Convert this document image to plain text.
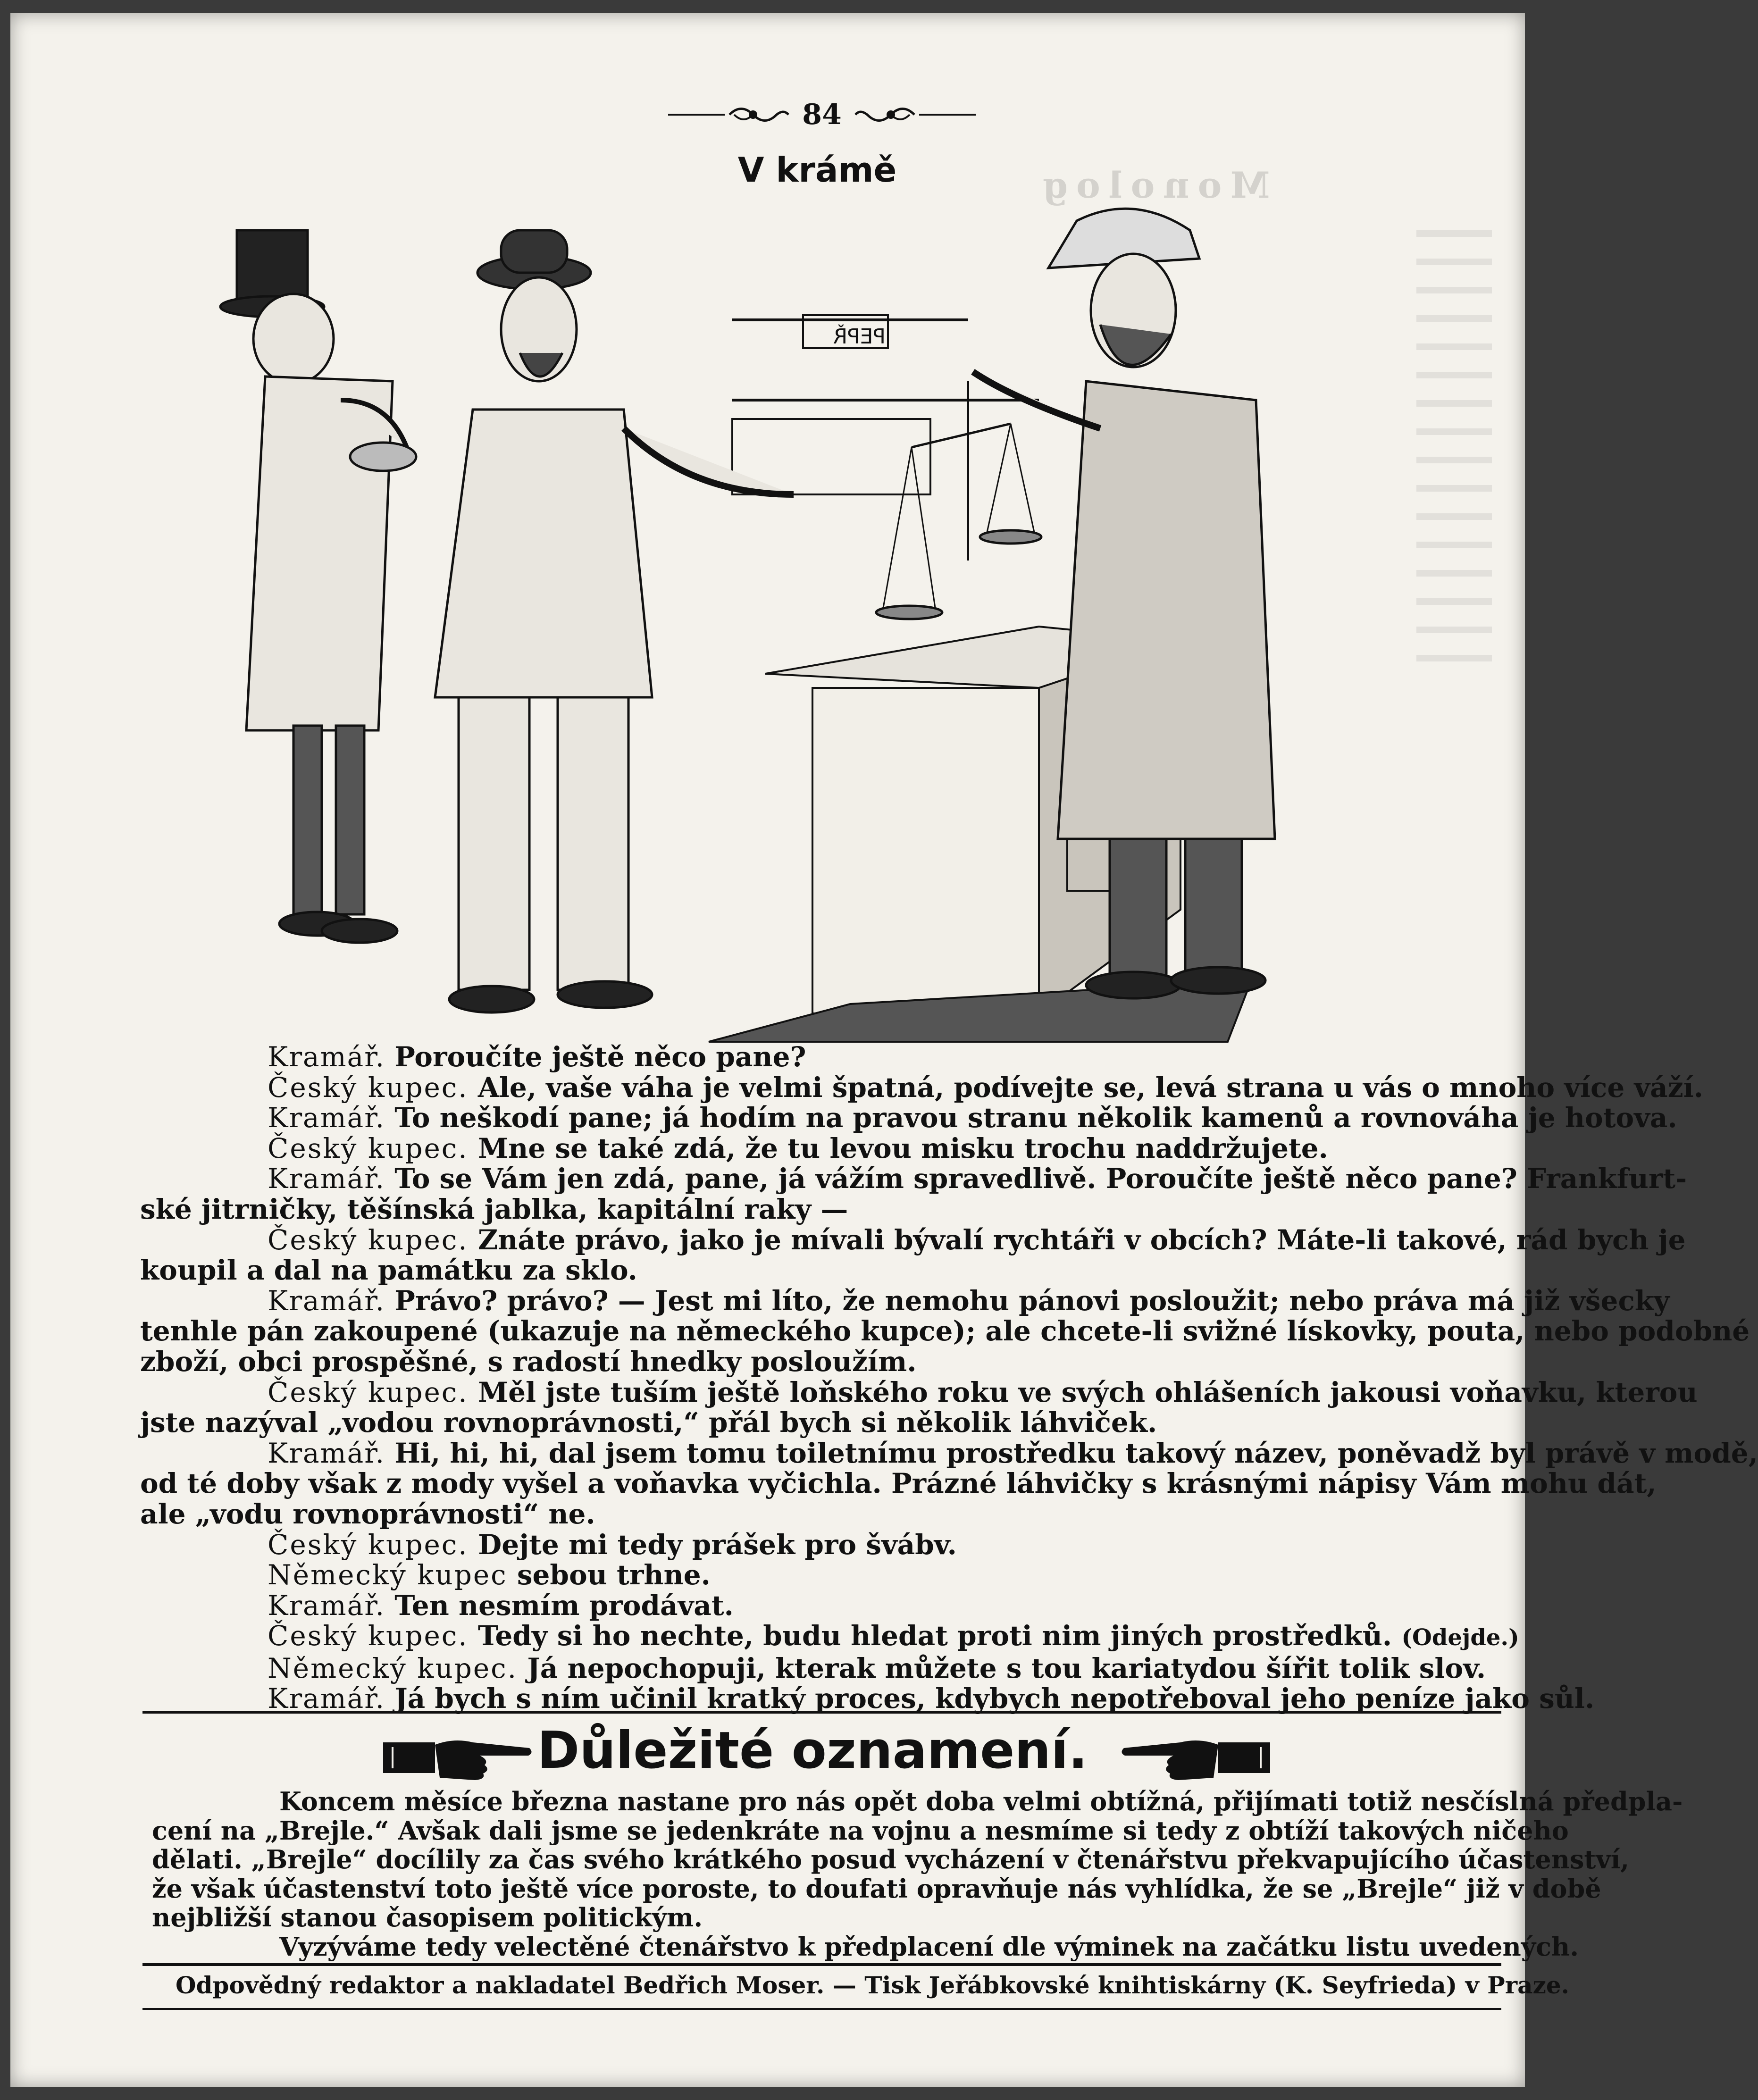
Monolog
84
V krámě
PEPŘ
Kramář. Poroučíte ještě něco pane?
Český kupec. Ale, vaše váha je velmi špatná, podívejte se, levá strana u vás o mnoho více váží.
Kramář. To neškodí pane; já hodím na pravou stranu několik kamenů a rovnováha je hotova.
Český kupec. Mne se také zdá, že tu levou misku trochu naddržujete.
Kramář. To se Vám jen zdá, pane, já vážím spravedlivě. Poroučíte ještě něco pane? Frankfurt-
ské jitrničky, těšínská jablka, kapitální raky —
Český kupec. Znáte právo, jako je mívali bývalí rychtáři v obcích? Máte-li takové, rád bych je
koupil a dal na památku za sklo.
Kramář. Právo? právo? — Jest mi líto, že nemohu pánovi posloužit; nebo práva má již všecky
tenhle pán zakoupené (ukazuje na německého kupce); ale chcete-li svižné lískovky, pouta, nebo podobné
zboží, obci prospěšné, s radostí hnedky posloužím.
Český kupec. Měl jste tuším ještě loňského roku ve svých ohlášeních jakousi voňavku, kterou
jste nazýval „vodou rovnoprávnosti,“ přál bych si několik láhviček.
Kramář. Hi, hi, hi, dal jsem tomu toiletnímu prostředku takový název, poněvadž byl právě v modě,
od té doby však z mody vyšel a voňavka vyčichla. Prázné láhvičky s krásnými nápisy Vám mohu dát,
ale „vodu rovnoprávnosti“ ne.
Český kupec. Dejte mi tedy prášek pro švábv.
Německý kupec sebou trhne.
Kramář. Ten nesmím prodávat.
Český kupec. Tedy si ho nechte, budu hledat proti nim jiných prostředků. (Odejde.)
Německý kupec. Já nepochopuji, kterak můžete s tou kariatydou šířit tolik slov.
Kramář. Já bych s ním učinil kratký proces, kdybych nepotřeboval jeho peníze jako sůl.
Důležité oznamení.
Koncem měsíce března nastane pro nás opět doba velmi obtížná, přijímati totiž nesčíslná předpla-
cení na „Brejle.“ Avšak dali jsme se jedenkráte na vojnu a nesmíme si tedy z obtíží takových ničeho
dělati. „Brejle“ docílily za čas svého krátkého posud vycházení v čtenářstvu překvapujícího účastenství,
že však účastenství toto ještě více poroste, to doufati opravňuje nás vyhlídka, že se „Brejle“ již v době
nejbližší stanou časopisem politickým.
Vyzýváme tedy velectěné čtenářstvo k předplacení dle výminek na začátku listu uvedených.
Odpovědný redaktor a nakladatel Bedřich Moser. — Tisk Jeřábkovské knihtiskárny (K. Seyfrieda) v Praze.
